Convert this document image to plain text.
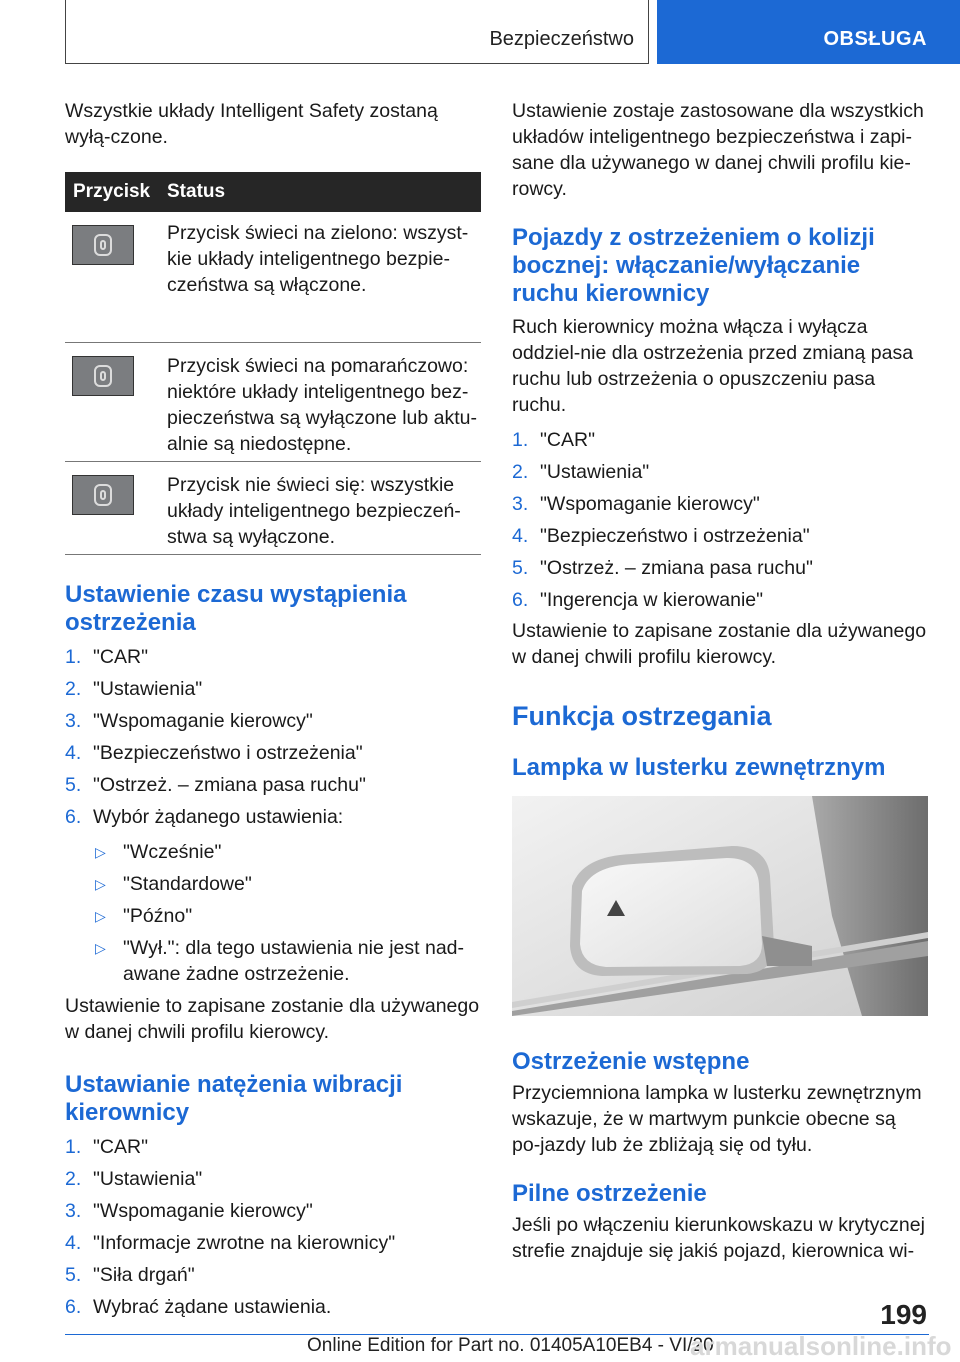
Bezpieczeństwo	OBSŁUGA

Wszystkie układy Intelligent Safety zostaną wyłą‐czone.

Przycisk	Status

	Przycisk świeci na zielono: wszyst‐kie układy inteligentnego bezpie‐czeństwa są włączone.

	Przycisk świeci na pomarańczowo: niektóre układy inteligentnego bez‐pieczeństwa są wyłączone lub aktu‐alnie są niedostępne.

	Przycisk nie świeci się: wszystkie układy inteligentnego bezpieczeń‐stwa są wyłączone.
Ustawienie czasu wystąpienia ostrzeżenia
1. "CAR"
2. "Ustawienia"
3. "Wspomaganie kierowcy"
4. "Bezpieczeństwo i ostrzeżenia"
5. "Ostrzeż. – zmiana pasa ruchu"
6. Wybór żądanego ustawienia:
▷ "Wcześnie"
▷ "Standardowe"
▷ "Późno"
▷ "Wył.": dla tego ustawienia nie jest nad‐awane żadne ostrzeżenie.

Ustawienie to zapisane zostanie dla używanego w danej chwili profilu kierowcy.

Ustawianie natężenia wibracji kierownicy
1. "CAR"
2. "Ustawienia"
3. "Wspomaganie kierowcy"
4. "Informacje zwrotne na kierownicy"
5. "Siła drgań"
6. Wybrać żądane ustawienia.

Ustawienie zostaje zastosowane dla wszystkich układów inteligentnego bezpieczeństwa i zapi‐sane dla używanego w danej chwili profilu kie‐rowcy.

Pojazdy z ostrzeżeniem o kolizji bocznej: włączanie/wyłączanie ruchu kierownicy

Ruch kierownicy można włącza i wyłącza oddziel‐nie dla ostrzeżenia przed zmianą pasa ruchu lub ostrzeżenia o opuszczeniu pasa ruchu.

1. "CAR"
2. "Ustawienia"
3. "Wspomaganie kierowcy"
4. "Bezpieczeństwo i ostrzeżenia"
5. "Ostrzeż. – zmiana pasa ruchu"
6. "Ingerencja w kierowanie"

Ustawienie to zapisane zostanie dla używanego w danej chwili profilu kierowcy.

Funkcja ostrzegania
Lampka w lusterku zewnętrznym
Ostrzeżenie wstępne

Przyciemniona lampka w lusterku zewnętrznym wskazuje, że w martwym punkcie obecne są po‐jazdy lub że zbliżają się od tyłu.

Pilne ostrzeżenie

Jeśli po włączeniu kierunkowskazu w krytycznej strefie znajduje się jakiś pojazd, kierownica wi‐

199
Online Edition for Part no. 01405A10EB4 - VI/20
armanualsonline.info
